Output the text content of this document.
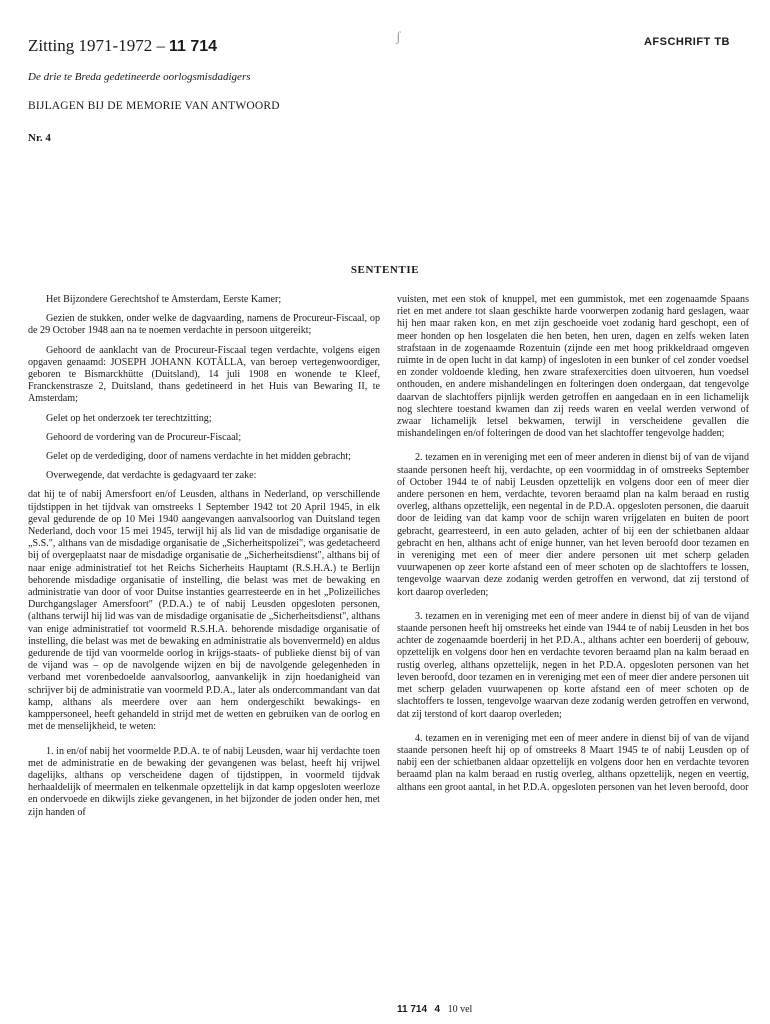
Zitting 1971-1972 – 11 714
ʃ	AFSCHRIFT TB
De drie te Breda gedetineerde oorlogsmisdadigers
BIJLAGEN BIJ DE MEMORIE VAN ANTWOORD
Nr. 4
SENTENTIE

Het Bijzondere Gerechtshof te Amsterdam, Eerste Kamer;

Gezien de stukken, onder welke de dagvaarding, namens de Procureur-Fiscaal, op de 29 October 1948 aan na te noemen verdachte in persoon uitgereikt;

Gehoord de aanklacht van de Procureur-Fiscaal tegen verdachte, volgens eigen opgaven genaamd: JOSEPH JOHANN KOTÄLLA, van beroep vertegenwoordiger, geboren te Bismarckhütte (Duitsland), 14 juli 1908 en wonende te Kleef, Franckenstrasze 2, Duitsland, thans gedetineerd in het Huis van Bewaring II, te Amsterdam;

Gelet op het onderzoek ter terechtzitting;

Gehoord de vordering van de Procureur-Fiscaal;

Gelet op de verdediging, door of namens verdachte in het midden gebracht;

Overwegende, dat verdachte is gedagvaard ter zake:

dat hij te of nabij Amersfoort en/of Leusden, althans in Nederland, op verschillende tijdstippen in het tijdvak van omstreeks 1 September 1942 tot 20 April 1945, in elk geval gedurende de op 10 Mei 1940 aangevangen aanvalsoorlog van Duitsland tegen Nederland, doch voor 15 mei 1945, terwijl hij als lid van de misdadige organisatie de „S.S.", althans van de misdadige organisatie de „Sicherheitspolizei", was gedetacheerd bij of overgeplaatst naar de misdadige organisatie de „Sicherheitsdienst", althans bij of naar enige administratief tot het Reichs Sicherheits Hauptamt (R.S.H.A.) te Berlijn behorende misdadige organisatie of instelling, die belast was met de bewaking en administratie van door of voor Duitse instanties gearresteerde en in het „Polizeiliches Durchgangslager Amersfoort" (P.D.A.) te of nabij Leusden opgesloten personen, (althans terwijl hij lid was van de misdadige organisatie de „Sicherheitsdienst", althans van enige administratief tot voormeld R.S.H.A. behorende misdadige organisatie of instelling, die belast was met de bewaking en administratie als bovenvermeld) en aldus gedurende de tijd van voormelde oorlog in krijgs-staats- of publieke dienst bij of van de vijand was – op de navolgende wijzen en bij de navolgende gelegenheden in verband met vorenbedoelde aanvalsoorlog, aanvankelijk in zijn hoedanigheid van schrijver bij de administratie van voormeld P.D.A., later als ondercommandant van dat kamp, althans als meerdere over aan hem ondergeschikt bewakings- en kamppersoneel, heeft gehandeld in strijd met de wetten en gebruiken van de oorlog en met de menselijkheid, te weten:

1. in en/of nabij het voormelde P.D.A. te of nabij Leusden, waar hij verdachte toen met de administratie en de bewaking der gevangenen was belast, heeft hij vrijwel dagelijks, althans op verscheidene dagen of tijdstippen, in voormeld tijdvak herhaaldelijk of meermalen en telkenmale opzettelijk in dat kamp opgesloten weerloze en ondervoede en dikwijls zieke gevangenen, in het bijzonder de joden onder hen, met zijn handen of

vuisten, met een stok of knuppel, met een gummistok, met een zogenaamde Spaans riet en met andere tot slaan geschikte harde voorwerpen zodanig hard geslagen, waar hij hen maar raken kon, en met zijn geschoeide voet zodanig hard geschopt, een of meer honden op hen losgelaten die hen beten, hen uren, dagen en zelfs weken laten strafstaan in de zogenaamde Rozentuin (zijnde een met hoog prikkeldraad omgeven ruimte in de open lucht in dat kamp) of ingesloten in een bunker of cel zonder voedsel en zonder voldoende kleding, hen zware strafexercities doen uitvoeren, hun voedsel onthouden, en andere mishandelingen en folteringen doen ondergaan, dat tengevolge daarvan de slachtoffers pijnlijk werden getroffen en aangedaan en in een lichamelijk nog slechtere toestand kwamen dan zij reeds waren en veelal werden verwond of zwaar lichamelijk letsel bekwamen, terwijl in verscheidene gevallen die mishandelingen en/of folteringen de dood van het slachtoffer tengevolge hadden;

2. tezamen en in vereniging met een of meer anderen in dienst bij of van de vijand staande personen heeft hij, verdachte, op een voormiddag in of omstreeks September of October 1944 te of nabij Leusden opzettelijk en volgens door een of meer dier andere personen en hem, verdachte, tevoren beraamd plan na kalm beraad en rustig overleg, althans opzettelijk, een negental in de P.D.A. opgesloten personen, die daaruit door de leiding van dat kamp voor de schijn waren vrijgelaten en buiten de poort gebracht, gearresteerd, in een auto geladen, achter of bij een der schietbanen aldaar gebracht en hen, althans acht of enige hunner, van het leven beroofd door tezamen en in vereniging met een of meer dier andere personen uit met scherp geladen vuurwapenen op zeer korte afstand een of meer schoten op de slachtoffers te lossen, tengevolge waarvan deze zodanig werden getroffen en verwond, dat zij terstond of kort daarop overleden;

3. tezamen en in vereniging met een of meer andere in dienst bij of van de vijand staande personen heeft hij omstreeks het einde van 1944 te of nabij Leusden in het bos achter de zogenaamde boerderij in het P.D.A., althans achter een boerderij of gebouw, opzettelijk en volgens door hen en verdachte tevoren beraamd plan na kalm beraad en rustig overleg, althans opzettelijk, negen in het P.D.A. opgesloten personen van het leven beroofd, door tezamen en in vereniging met een of meer dier andere personen uit met scherp geladen vuurwapenen op korte afstand een of meer schoten op de slachtoffers te lossen, tengevolge waarvan deze zodanig werden getroffen en verwond, dat zij terstond of kort daarop overleden;

4. tezamen en in vereniging met een of meer andere in dienst bij of van de vijand staande personen heeft hij op of omstreeks 8 Maart 1945 te of nabij Leusden op of nabij een der schietbanen aldaar opzettelijk en volgens door hen en verdachte tevoren beraamd plan na kalm beraad en rustig overleg, althans opzettelijk, negen en veertig, althans een groot aantal, in het P.D.A. opgesloten personen van het leven beroofd, door

11 714 4 10 vel
